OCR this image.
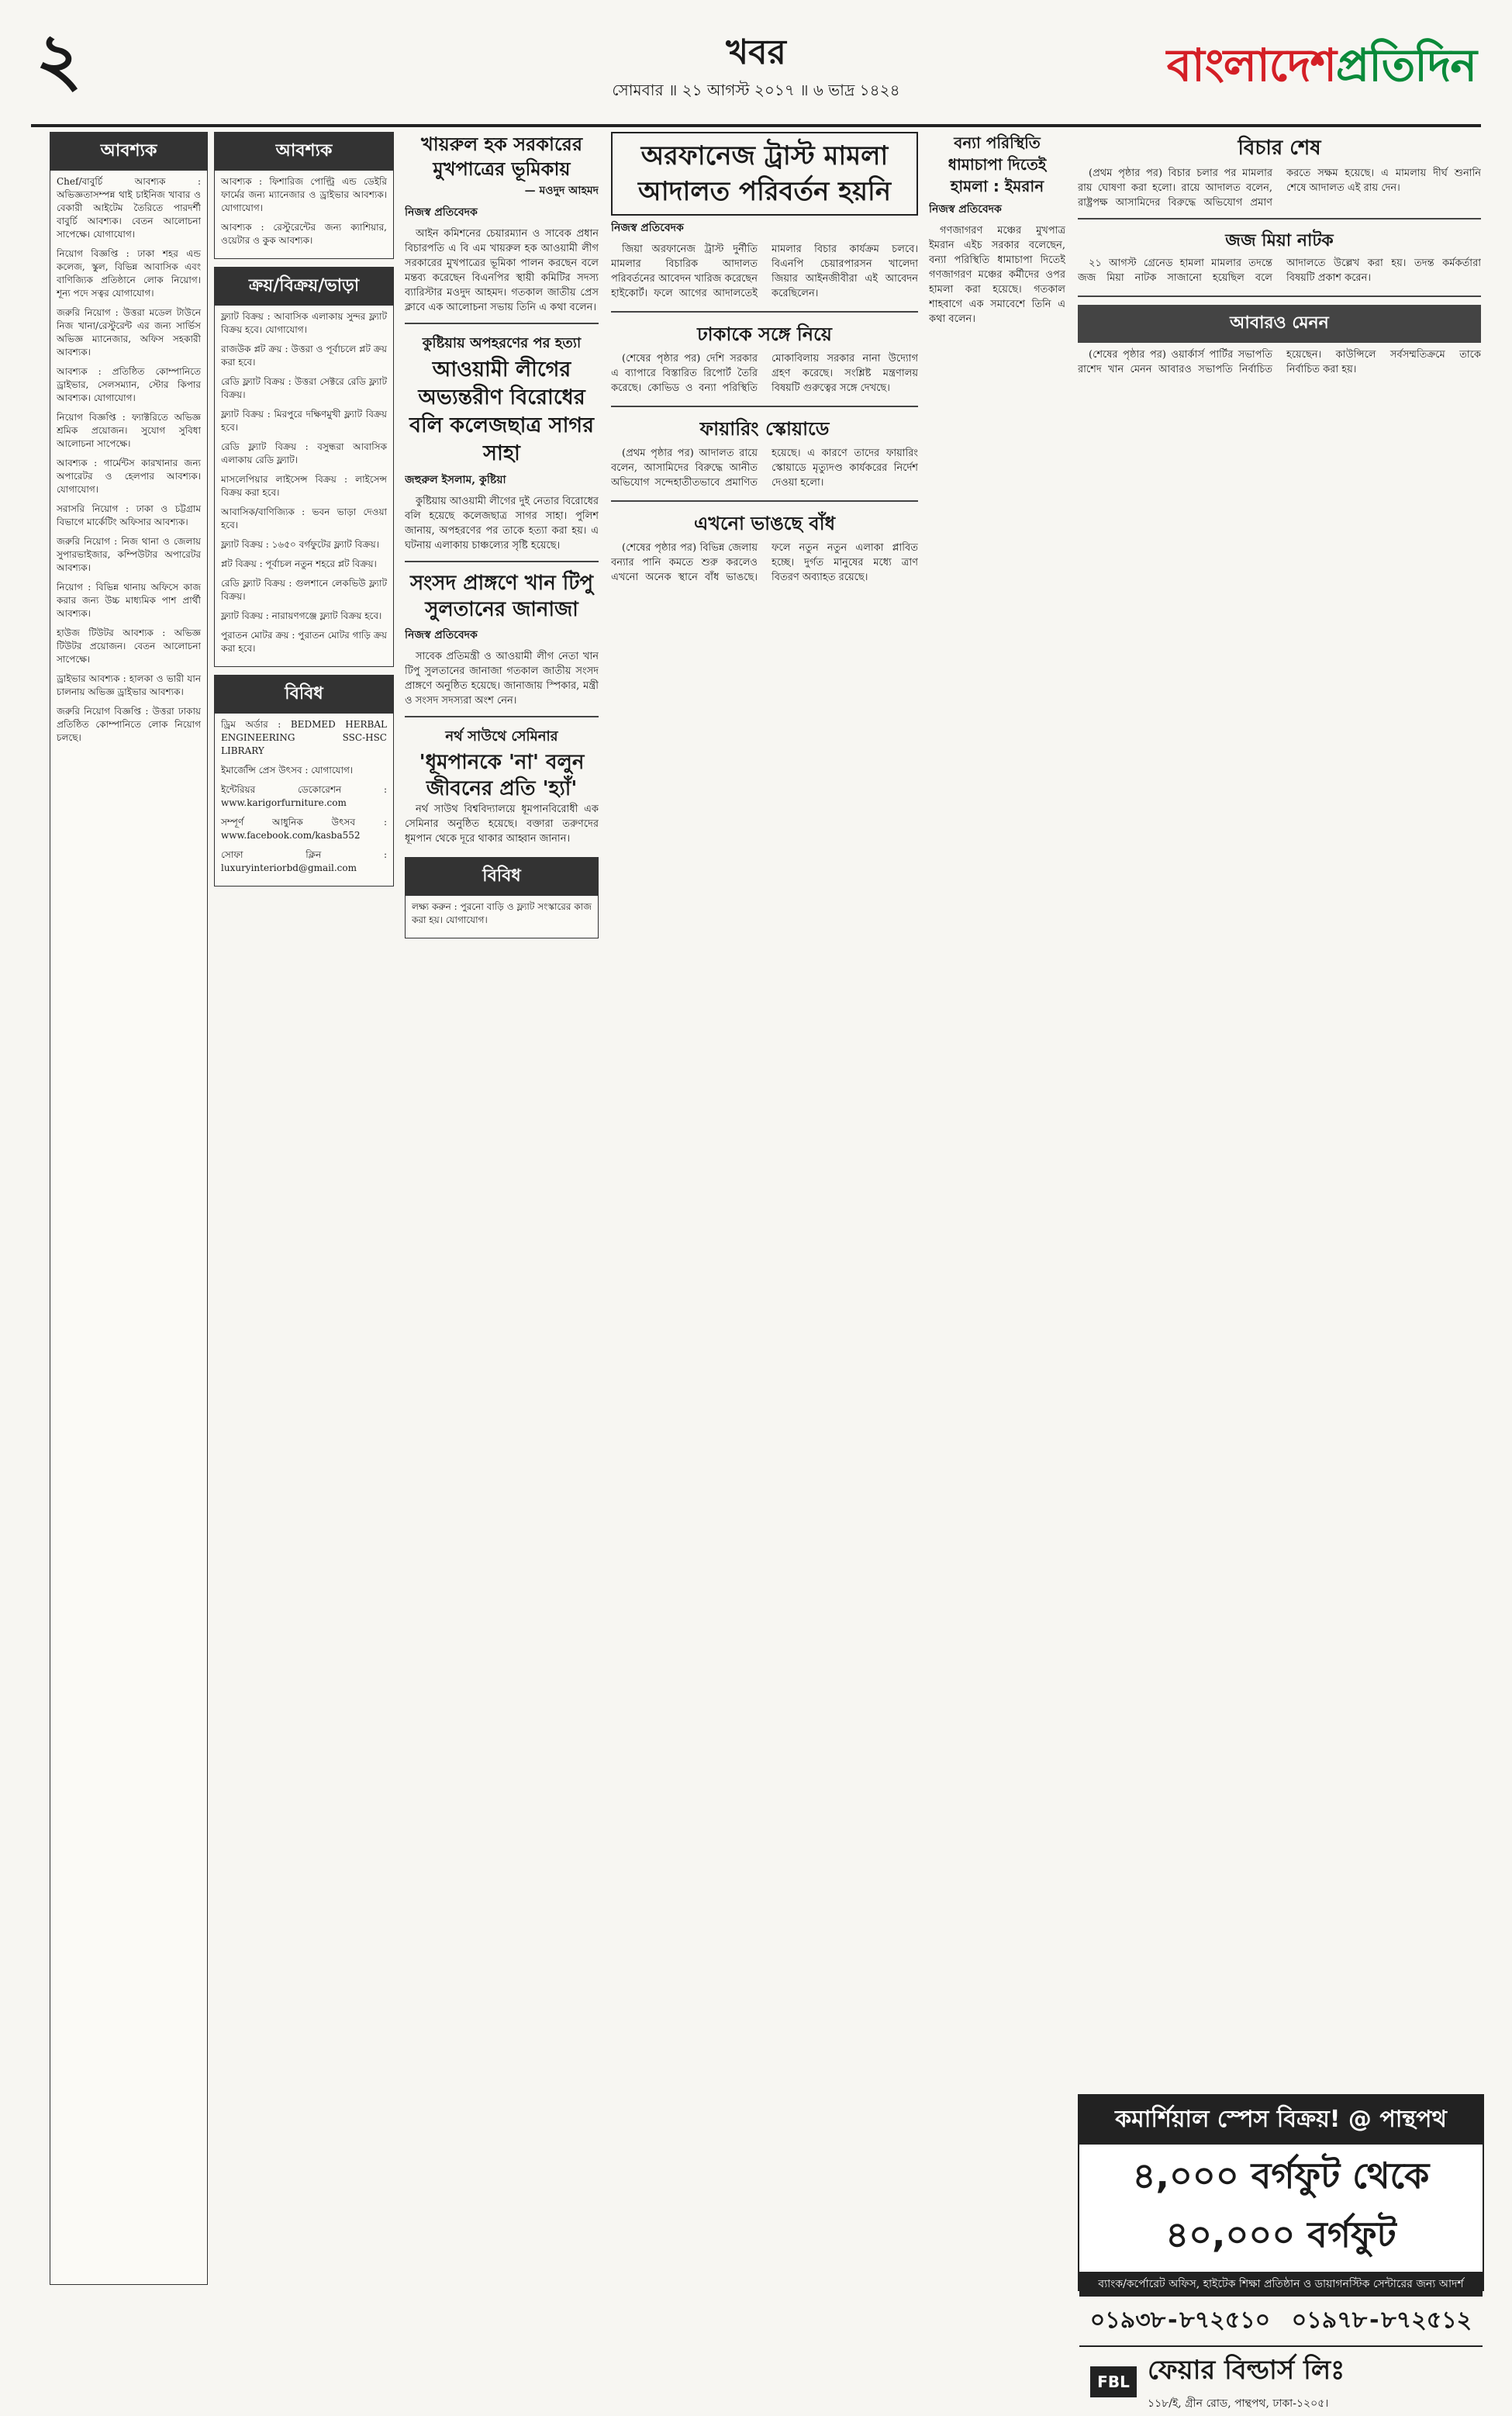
২	খবর
সোমবার ॥ ২১ আগস্ট ২০১৭ ॥ ৬ ভাদ্র ১৪২৪	বাংলাদেশপ্রতিদিন
আবশ্যক

Chef/বাবুর্চি আবশ্যক : অভিজ্ঞতাসম্পন্ন থাই চাইনিজ খাবার ও বেকারী আইটেম তৈরিতে পারদর্শী বাবুর্চি আবশ্যক। বেতন আলোচনা সাপেক্ষে। যোগাযোগ।

নিয়োগ বিজ্ঞপ্তি : ঢাকা শহর এন্ড কলেজ, স্কুল, বিভিন্ন আবাসিক এবং বাণিজ্যিক প্রতিষ্ঠানে লোক নিয়োগ। শূন্য পদে সত্বর যোগাযোগ।

জরুরি নিয়োগ : উত্তরা মডেল টাউনে নিজ খানা/রেস্টুরেন্ট এর জন্য সার্ভিস অভিজ্ঞ ম্যানেজার, অফিস সহকারী আবশ্যক।

আবশ্যক : প্রতিষ্ঠিত কোম্পানিতে ড্রাইভার, সেলসম্যান, স্টোর কিপার আবশ্যক। যোগাযোগ।

নিয়োগ বিজ্ঞপ্তি : ফ্যাক্টরিতে অভিজ্ঞ শ্রমিক প্রয়োজন। সুযোগ সুবিধা আলোচনা সাপেক্ষে।

আবশ্যক : গার্মেন্টস কারখানার জন্য অপারেটর ও হেলপার আবশ্যক। যোগাযোগ।

সরাসরি নিয়োগ : ঢাকা ও চট্টগ্রাম বিভাগে মার্কেটিং অফিসার আবশ্যক।

জরুরি নিয়োগ : নিজ থানা ও জেলায় সুপারভাইজার, কম্পিউটার অপারেটর আবশ্যক।

নিয়োগ : বিভিন্ন থানায় অফিসে কাজ করার জন্য উচ্চ মাধ্যমিক পাশ প্রার্থী আবশ্যক।

হাউজ টিউটর আবশ্যক : অভিজ্ঞ টিউটর প্রয়োজন। বেতন আলোচনা সাপেক্ষে।

ড্রাইভার আবশ্যক : হালকা ও ভারী যান চালনায় অভিজ্ঞ ড্রাইভার আবশ্যক।

জরুরি নিয়োগ বিজ্ঞপ্তি : উত্তরা ঢাকায় প্রতিষ্ঠিত কোম্পানিতে লোক নিয়োগ চলছে।

আবশ্যক

আবশ্যক : ফিশারিজ পোল্ট্রি এন্ড ডেইরি ফার্মের জন্য ম্যানেজার ও ড্রাইভার আবশ্যক। যোগাযোগ।

আবশ্যক : রেস্টুরেন্টের জন্য ক্যাশিয়ার, ওয়েটার ও কুক আবশ্যক।

ক্রয়/বিক্রয়/ভাড়া

ফ্ল্যাট বিক্রয় : আবাসিক এলাকায় সুন্দর ফ্ল্যাট বিক্রয় হবে। যোগাযোগ।

রাজউক প্লট ক্রয় : উত্তরা ও পূর্বাচলে প্লট ক্রয় করা হবে।

রেডি ফ্ল্যাট বিক্রয় : উত্তরা সেক্টরে রেডি ফ্ল্যাট বিক্রয়।

ফ্ল্যাট বিক্রয় : মিরপুরে দক্ষিণমুখী ফ্ল্যাট বিক্রয় হবে।

রেডি ফ্ল্যাট বিক্রয় : বসুন্ধরা আবাসিক এলাকায় রেডি ফ্ল্যাট।

মাসলেপিয়ার লাইসেন্স বিক্রয় : লাইসেন্স বিক্রয় করা হবে।

আবাসিক/বাণিজ্যিক : ভবন ভাড়া দেওয়া হবে।

ফ্ল্যাট বিক্রয় : ১৬৫০ বর্গফুটের ফ্ল্যাট বিক্রয়।

প্লট বিক্রয় : পূর্বাচল নতুন শহরে প্লট বিক্রয়।

রেডি ফ্ল্যাট বিক্রয় : গুলশানে লেকভিউ ফ্ল্যাট বিক্রয়।

ফ্ল্যাট বিক্রয় : নারায়ণগঞ্জে ফ্ল্যাট বিক্রয় হবে।

পুরাতন মোটর ক্রয় : পুরাতন মোটর গাড়ি ক্রয় করা হবে।

বিবিধ

ড্রিম অর্ডার : BEDMED HERBAL ENGINEERING SSC-HSC LIBRARY

ইমার্জেন্সি প্রেস উৎসব : যোগাযোগ।

ইন্টেরিয়র ডেকোরেশন : www.karigorfurniture.com

সম্পূর্ণ আধুনিক উৎসব : www.facebook.com/kasba552

সোফা ক্লিন : luxuryinteriorbd@gmail.com

খায়রুল হক সরকারের মুখপাত্রের ভূমিকায়
— মওদুদ আহমদ
নিজস্ব প্রতিবেদক

আইন কমিশনের চেয়ারম্যান ও সাবেক প্রধান বিচারপতি এ বি এম খায়রুল হক আওয়ামী লীগ সরকারের মুখপাত্রের ভূমিকা পালন করছেন বলে মন্তব্য করেছেন বিএনপির স্থায়ী কমিটির সদস্য ব্যারিস্টার মওদুদ আহমদ। গতকাল জাতীয় প্রেস ক্লাবে এক আলোচনা সভায় তিনি এ কথা বলেন।

কুষ্টিয়ায় অপহরণের পর হত্যা
আওয়ামী লীগের অভ্যন্তরীণ বিরোধের বলি কলেজছাত্র সাগর সাহা
জহুরুল ইসলাম, কুষ্টিয়া

কুষ্টিয়ায় আওয়ামী লীগের দুই নেতার বিরোধের বলি হয়েছে কলেজছাত্র সাগর সাহা। পুলিশ জানায়, অপহরণের পর তাকে হত্যা করা হয়। এ ঘটনায় এলাকায় চাঞ্চল্যের সৃষ্টি হয়েছে।

সংসদ প্রাঙ্গণে খান টিপু সুলতানের জানাজা
নিজস্ব প্রতিবেদক

সাবেক প্রতিমন্ত্রী ও আওয়ামী লীগ নেতা খান টিপু সুলতানের জানাজা গতকাল জাতীয় সংসদ প্রাঙ্গণে অনুষ্ঠিত হয়েছে। জানাজায় স্পিকার, মন্ত্রী ও সংসদ সদস্যরা অংশ নেন।

নর্থ সাউথে সেমিনার
'ধূমপানকে 'না' বলুন জীবনের প্রতি 'হ্যাঁ'

নর্থ সাউথ বিশ্ববিদ্যালয়ে ধূমপানবিরোধী এক সেমিনার অনুষ্ঠিত হয়েছে। বক্তারা তরুণদের ধূমপান থেকে দূরে থাকার আহ্বান জানান।

বিবিধ

লক্ষ্য করুন : পুরনো বাড়ি ও ফ্ল্যাট সংস্কারের কাজ করা হয়। যোগাযোগ।

অরফানেজ ট্রাস্ট মামলা আদালত পরিবর্তন হয়নি
নিজস্ব প্রতিবেদক

জিয়া অরফানেজ ট্রাস্ট দুর্নীতি মামলার বিচারিক আদালত পরিবর্তনের আবেদন খারিজ করেছেন হাইকোর্ট। ফলে আগের আদালতেই মামলার বিচার কার্যক্রম চলবে। বিএনপি চেয়ারপারসন খালেদা জিয়ার আইনজীবীরা এই আবেদন করেছিলেন।

ঢাকাকে সঙ্গে নিয়ে

(শেষের পৃষ্ঠার পর) দেশি সরকার এ ব্যাপারে বিস্তারিত রিপোর্ট তৈরি করেছে। কোভিড ও বন্যা পরিস্থিতি মোকাবিলায় সরকার নানা উদ্যোগ গ্রহণ করেছে। সংশ্লিষ্ট মন্ত্রণালয় বিষয়টি গুরুত্বের সঙ্গে দেখছে।

ফায়ারিং স্কোয়াডে

(প্রথম পৃষ্ঠার পর) আদালত রায়ে বলেন, আসামিদের বিরুদ্ধে আনীত অভিযোগ সন্দেহাতীতভাবে প্রমাণিত হয়েছে। এ কারণে তাদের ফায়ারিং স্কোয়াডে মৃত্যুদণ্ড কার্যকরের নির্দেশ দেওয়া হলো।

এখনো ভাঙছে বাঁধ

(শেষের পৃষ্ঠার পর) বিভিন্ন জেলায় বন্যার পানি কমতে শুরু করলেও এখনো অনেক স্থানে বাঁধ ভাঙছে। ফলে নতুন নতুন এলাকা প্লাবিত হচ্ছে। দুর্গত মানুষের মধ্যে ত্রাণ বিতরণ অব্যাহত রয়েছে।

বন্যা পরিস্থিতি ধামাচাপা দিতেই হামলা : ইমরান
নিজস্ব প্রতিবেদক

গণজাগরণ মঞ্চের মুখপাত্র ইমরান এইচ সরকার বলেছেন, বন্যা পরিস্থিতি ধামাচাপা দিতেই গণজাগরণ মঞ্চের কর্মীদের ওপর হামলা করা হয়েছে। গতকাল শাহবাগে এক সমাবেশে তিনি এ কথা বলেন।

বিচার শেষ

(প্রথম পৃষ্ঠার পর) বিচার চলার পর মামলার রায় ঘোষণা করা হলো। রায়ে আদালত বলেন, রাষ্ট্রপক্ষ আসামিদের বিরুদ্ধে অভিযোগ প্রমাণ করতে সক্ষম হয়েছে। এ মামলায় দীর্ঘ শুনানি শেষে আদালত এই রায় দেন।

জজ মিয়া নাটক

২১ আগস্ট গ্রেনেড হামলা মামলার তদন্তে জজ মিয়া নাটক সাজানো হয়েছিল বলে আদালতে উল্লেখ করা হয়। তদন্ত কর্মকর্তারা বিষয়টি প্রকাশ করেন।

আবারও মেনন

(শেষের পৃষ্ঠার পর) ওয়ার্কার্স পার্টির সভাপতি রাশেদ খান মেনন আবারও সভাপতি নির্বাচিত হয়েছেন। কাউন্সিলে সর্বসম্মতিক্রমে তাকে নির্বাচিত করা হয়।

কমার্শিয়াল স্পেস বিক্রয়! @ পান্থপথ
৪,০০০ বর্গফুট থেকে ৪০,০০০ বর্গফুট
ব্যাংক/কর্পোরেট অফিস, হাইটেক শিক্ষা প্রতিষ্ঠান ও ডায়াগনস্টিক সেন্টারের জন্য আদর্শ
০১৯৩৮-৮৭২৫১০ ০১৯৭৮-৮৭২৫১২
FBL ফেয়ার বিল্ডার্স লিঃ
১১৮/ই, গ্রীন রোড, পান্থপথ, ঢাকা-১২০৫।
